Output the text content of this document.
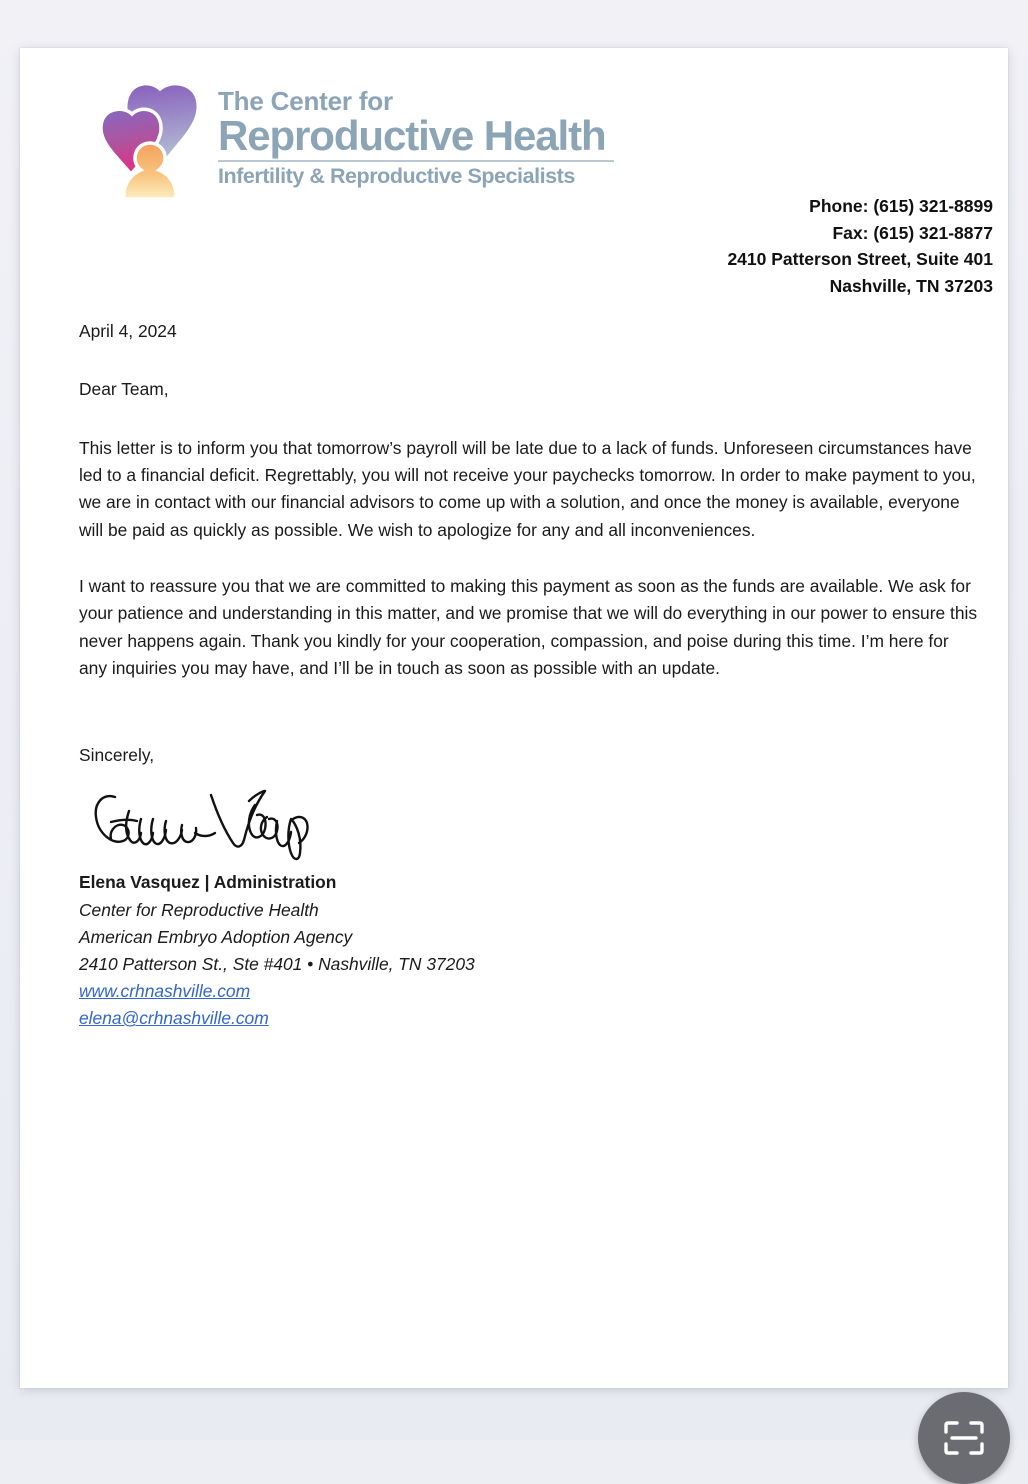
The Center for
Reproductive Health
Infertility & Reproductive Specialists
Phone: (615) 321-8899
Fax: (615) 321-8877
2410 Patterson Street, Suite 401
Nashville, TN 37203

April 4, 2024

Dear Team,

This letter is to inform you that tomorrow’s payroll will be late due to a lack of funds. Unforeseen circumstances have led to a financial deficit. Regrettably, you will not receive your paychecks tomorrow. In order to make payment to you, we are in contact with our financial advisors to come up with a solution, and once the money is available, everyone will be paid as quickly as possible. We wish to apologize for any and all inconveniences.

I want to reassure you that we are committed to making this payment as soon as the funds are available. We ask for your patience and understanding in this matter, and we promise that we will do everything in our power to ensure this never happens again. Thank you kindly for your cooperation, compassion, and poise during this time. I’m here for any inquiries you may have, and I’ll be in touch as soon as possible with an update.

Sincerely,

Elena Vasquez | Administration
Center for Reproductive Health
American Embryo Adoption Agency
2410 Patterson St., Ste #401 • Nashville, TN 37203
www.crhnashville.com
elena@crhnashville.com
